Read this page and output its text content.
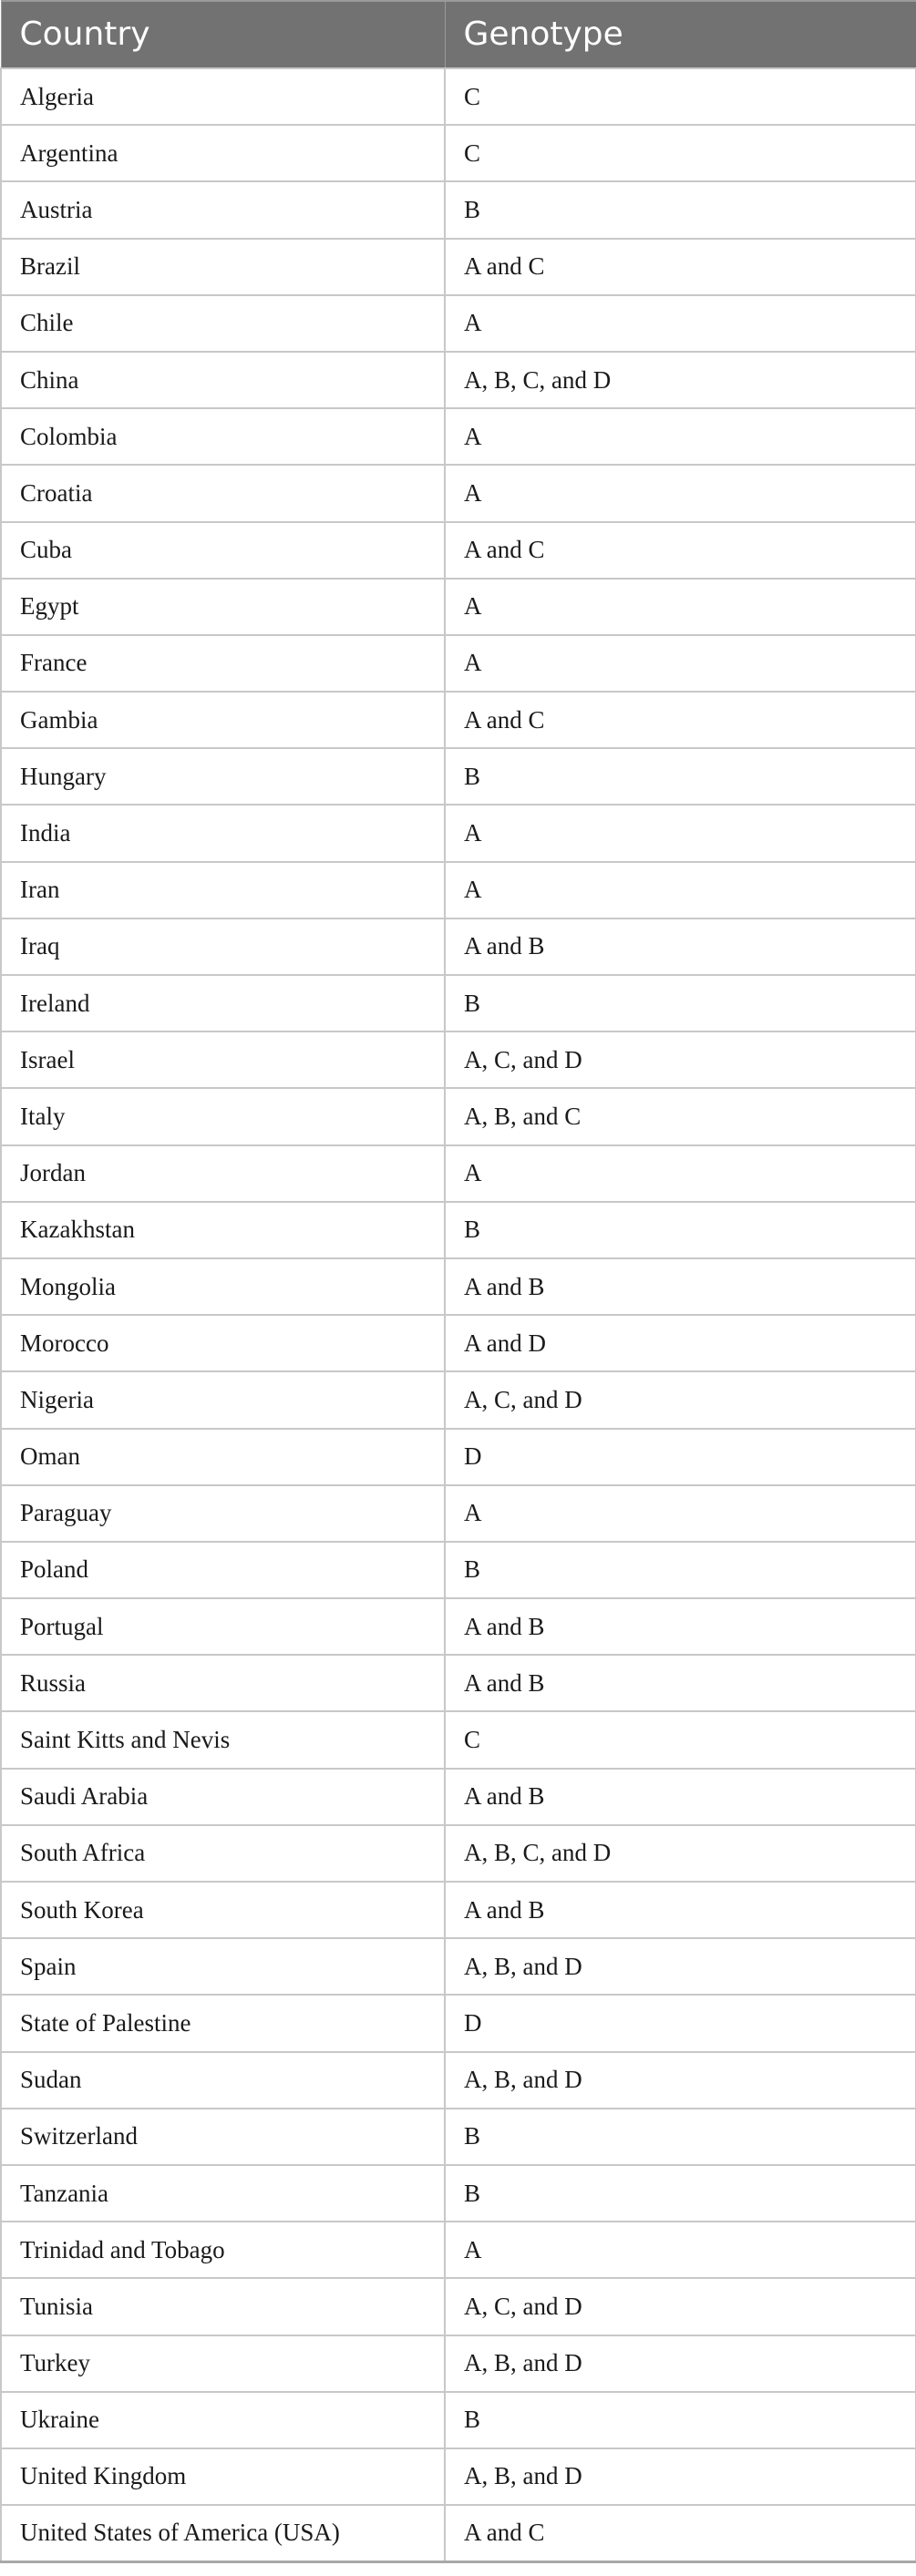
Country	Genotype
Algeria	C
Argentina	C
Austria	B
Brazil	A and C
Chile	A
China	A, B, C, and D
Colombia	A
Croatia	A
Cuba	A and C
Egypt	A
France	A
Gambia	A and C
Hungary	B
India	A
Iran	A
Iraq	A and B
Ireland	B
Israel	A, C, and D
Italy	A, B, and C
Jordan	A
Kazakhstan	B
Mongolia	A and B
Morocco	A and D
Nigeria	A, C, and D
Oman	D
Paraguay	A
Poland	B
Portugal	A and B
Russia	A and B
Saint Kitts and Nevis	C
Saudi Arabia	A and B
South Africa	A, B, C, and D
South Korea	A and B
Spain	A, B, and D
State of Palestine	D
Sudan	A, B, and D
Switzerland	B
Tanzania	B
Trinidad and Tobago	A
Tunisia	A, C, and D
Turkey	A, B, and D
Ukraine	B
United Kingdom	A, B, and D
United States of America (USA)	A and C
